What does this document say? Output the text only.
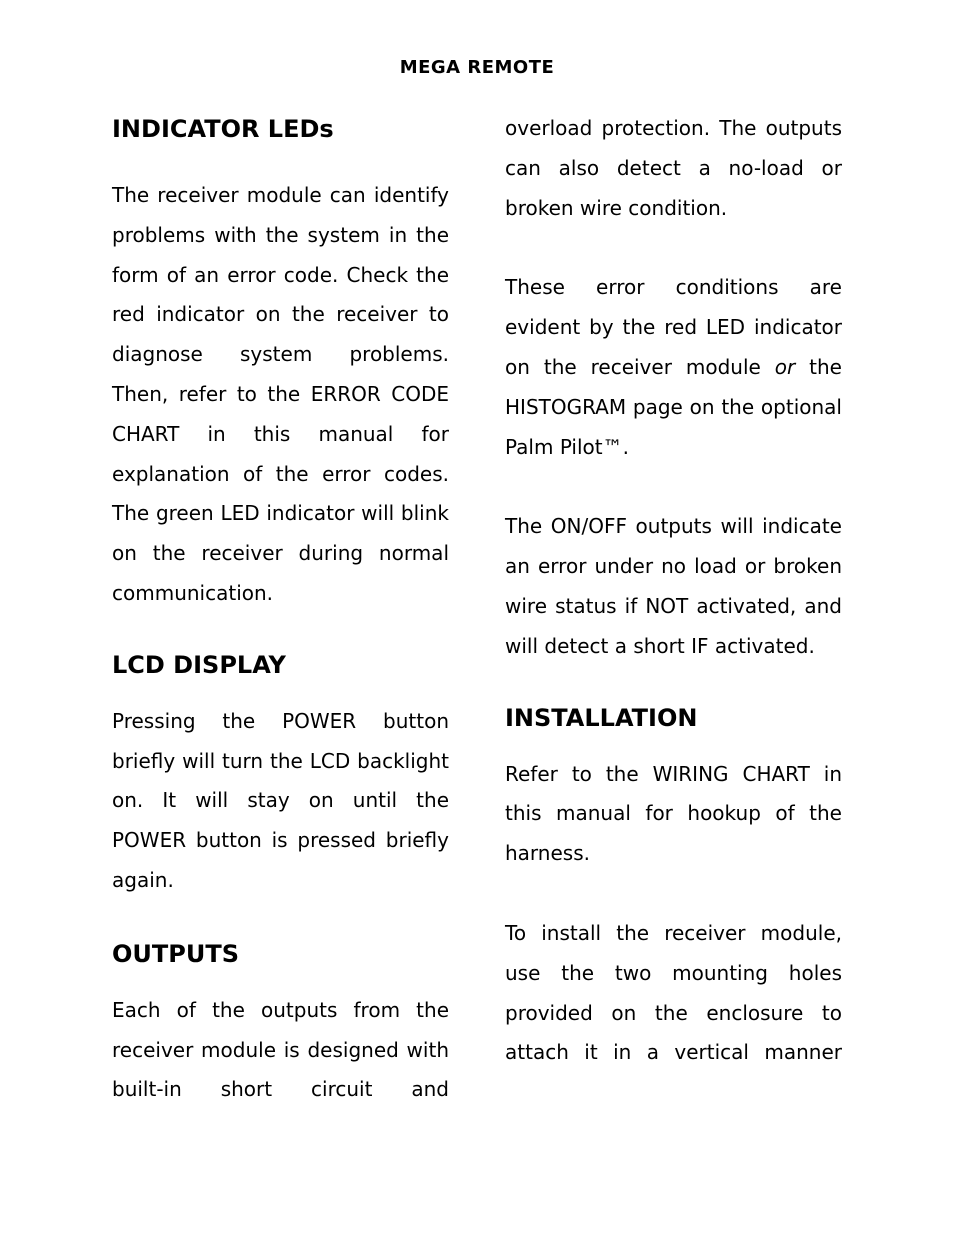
MEGA REMOTE
INDICATOR LEDs

The receiver module can identify problems with the system in the form of an error code. Check the red indicator on the receiver to diagnose system problems. Then, refer to the ERROR CODE CHART in this manual for explanation of the error codes. The green LED indicator will blink on the receiver during normal communication.

LCD DISPLAY

Pressing the POWER button briefly will turn the LCD backlight on. It will stay on until the POWER button is pressed briefly again.

OUTPUTS

Each of the outputs from the receiver module is designed with built-in short circuit and

overload protection. The outputs can also detect a no-load or broken wire condition.

These error conditions are evident by the red LED indicator on the receiver module or the HISTOGRAM page on the optional Palm Pilot™.

The ON/OFF outputs will indicate an error under no load or broken wire status if NOT activated, and will detect a short IF activated.

INSTALLATION

Refer to the WIRING CHART in this manual for hookup of the harness.

To install the receiver module, use the two mounting holes provided on the enclosure to attach it in a vertical manner
